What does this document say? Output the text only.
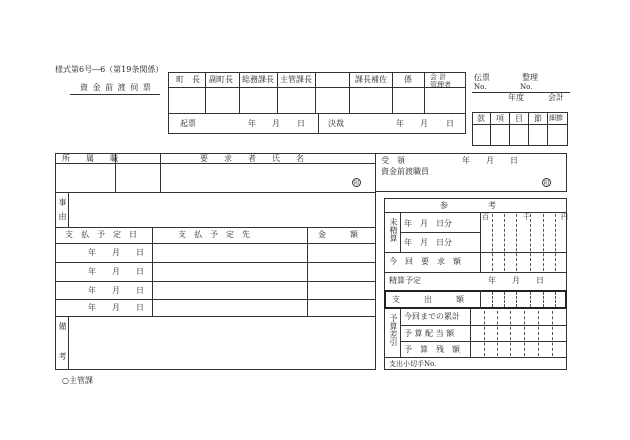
様式第6号―6（第19条関係）
資 金 前 渡 伺 票
町　長 副町長 総務課長 主管課長	課長補佐 係	会 計
管理者
起票	年 月 日	決裁	年 月 日
伝票	整理
No.	No.
年度	会計
款 項 目 節 細節
所　　属　　職	要　　求　　者　　氏　　名
印
事由
支　払　予　定　日	支　払　予　定　先	金　　　額
年　　月　　日
年　　月　　日
年　　月　　日
年　　月　　日
備考
受　領	年　　月　　日
資金前渡職員
印
参　　　　　考
未精算 年　月　日分
年　月　日分
百	千	円
今　回　要　求　額
精算予定	年　　月　　日
支　　　出　　　額
予算差引 今回までの累計
予 算 配 当 額
予　算　残　額
支出小切手No.
○主管課
